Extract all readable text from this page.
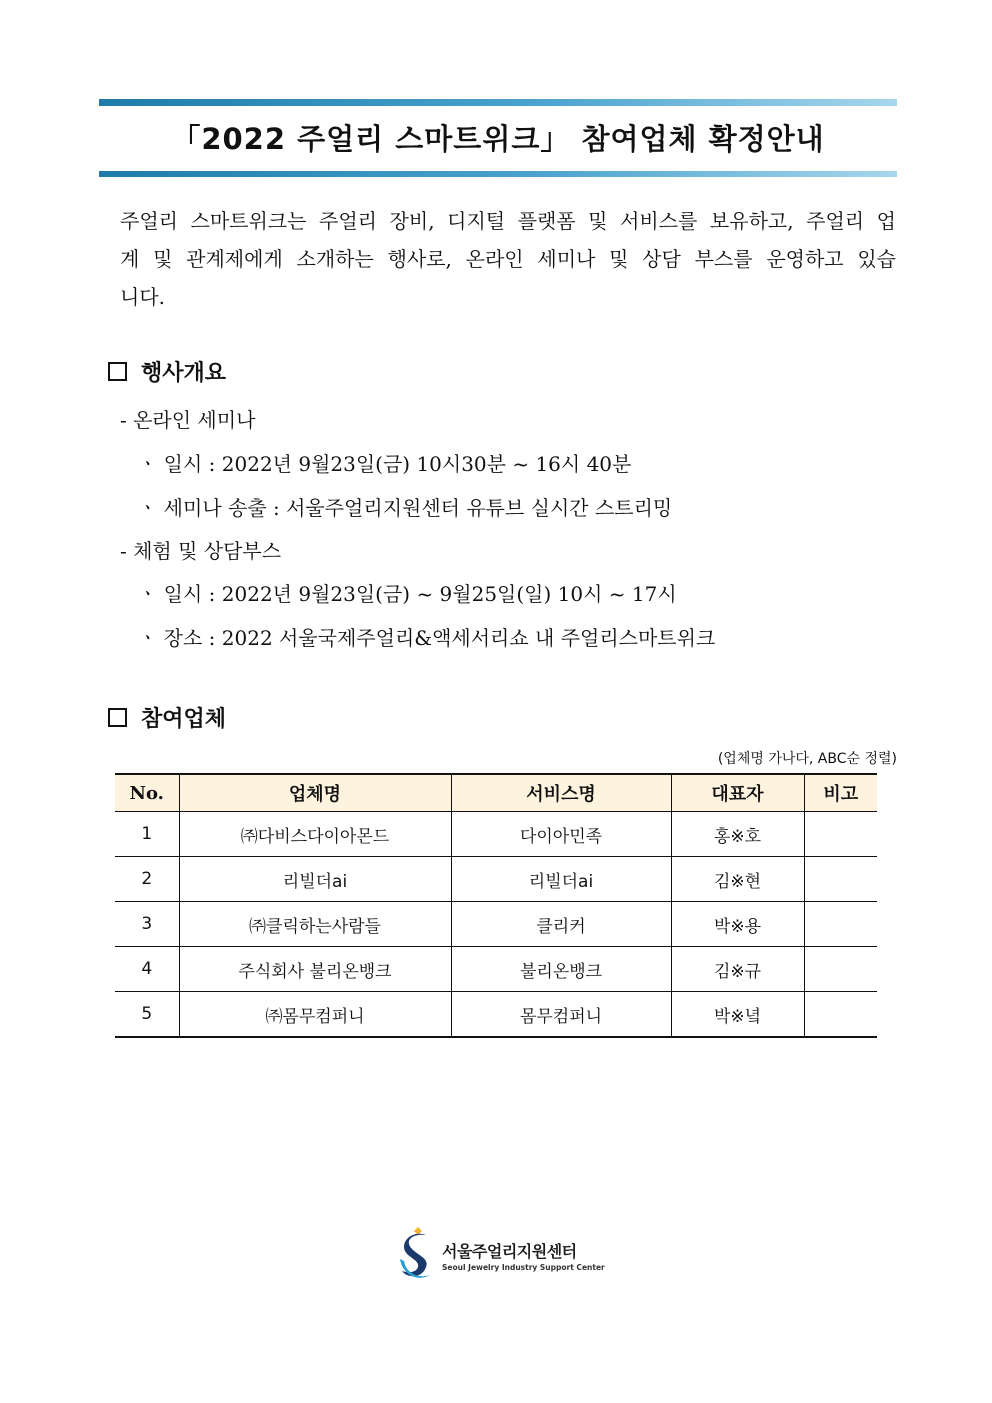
「2022 주얼리 스마트위크」 참여업체 확정안내
주얼리 스마트위크는 주얼리 장비, 디지털 플랫폼 및 서비스를 보유하고, 주얼리 업계 및 관계제에게 소개하는 행사로, 온라인 세미나 및 상담 부스를 운영하고 있습니다.
행사개요
- 온라인 세미나
ㆍ 일시 : 2022년 9월23일(금) 10시30분 ~ 16시 40분
ㆍ 세미나 송출 : 서울주얼리지원센터 유튜브 실시간 스트리밍
- 체험 및 상담부스
ㆍ 일시 : 2022년 9월23일(금) ~ 9월25일(일) 10시 ~ 17시
ㆍ 장소 : 2022 서울국제주얼리&액세서리쇼 내 주얼리스마트위크
참여업체
(업체명 가나다, ABC순 정렬)
No.	업체명	서비스명	대표자	비고
1	㈜다비스다이아몬드	다이아민족	홍※호	
2	리빌더ai	리빌더ai	김※현	
3	㈜클릭하는사람들	클리커	박※용	
4	주식회사 불리온뱅크	불리온뱅크	김※규	
5	㈜몸무컴퍼니	몸무컴퍼니	박※녘	
서울주얼리지원센터
Seoul Jewelry Industry Support Center
